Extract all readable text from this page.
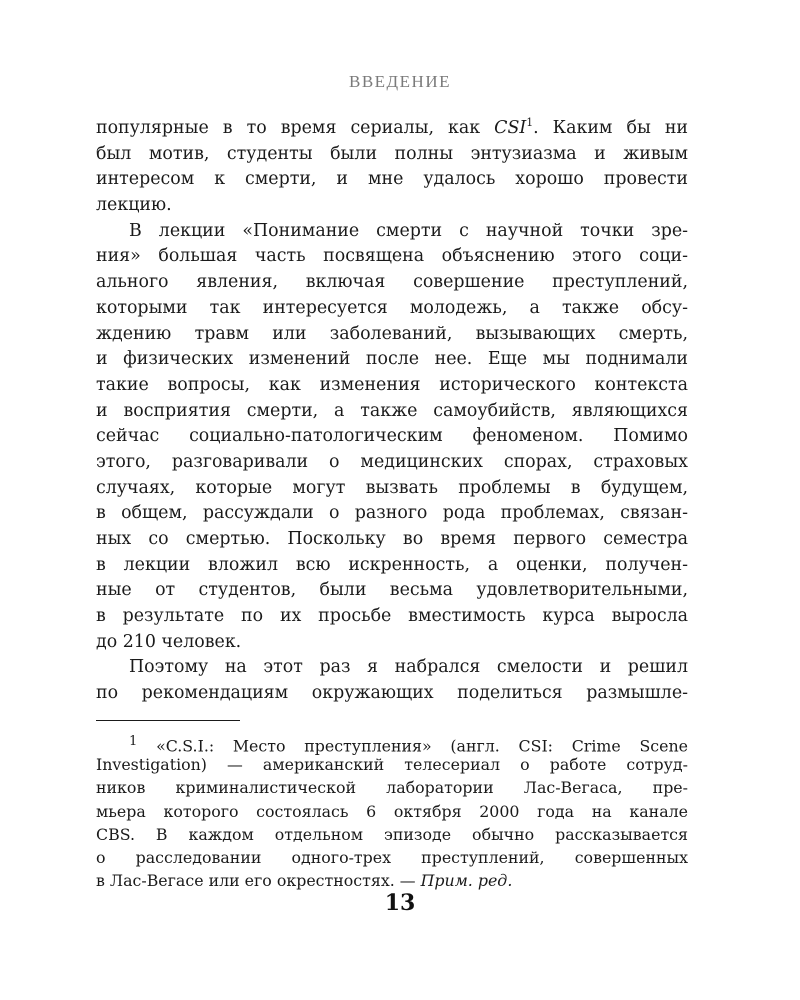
ВВЕДЕНИЕ
популярные в то время сериалы, как CSI$^1$. Каким бы ни
был мотив, студенты были полны энтузиазма и живым
интересом к смерти, и мне удалось хорошо провести
лекцию.
В лекции «Понимание смерти с научной точки зре-
ния» большая часть посвящена объяснению этого соци-
ального явления, включая совершение преступлений,
которыми так интересуется молодежь, а также обсу-
ждению травм или заболеваний, вызывающих смерть,
и физических изменений после нее. Еще мы поднимали
такие вопросы, как изменения исторического контекста
и восприятия смерти, а также самоубийств, являющихся
сейчас социально-патологическим феноменом. Помимо
этого, разговаривали о медицинских спорах, страховых
случаях, которые могут вызвать проблемы в будущем,
в общем, рассуждали о разного рода проблемах, связан-
ных со смертью. Поскольку во время первого семестра
в лекции вложил всю искренность, а оценки, получен-
ные от студентов, были весьма удовлетворительными,
в результате по их просьбе вместимость курса выросла
до 210 человек.
Поэтому на этот раз я набрался смелости и решил
по рекомендациям окружающих поделиться размышле-
$^1$ «C.S.I.: Место преступления» (англ. CSI: Crime Scene
Investigation) — американский телесериал о работе сотруд-
ников криминалистической лаборатории Лас-Вегаса, пре-
мьера которого состоялась 6 октября 2000 года на канале
CBS. В каждом отдельном эпизоде обычно рассказывается
о расследовании одного-трех преступлений, совершенных
в Лас-Вегасе или его окрестностях. — Прим. ред.
13
